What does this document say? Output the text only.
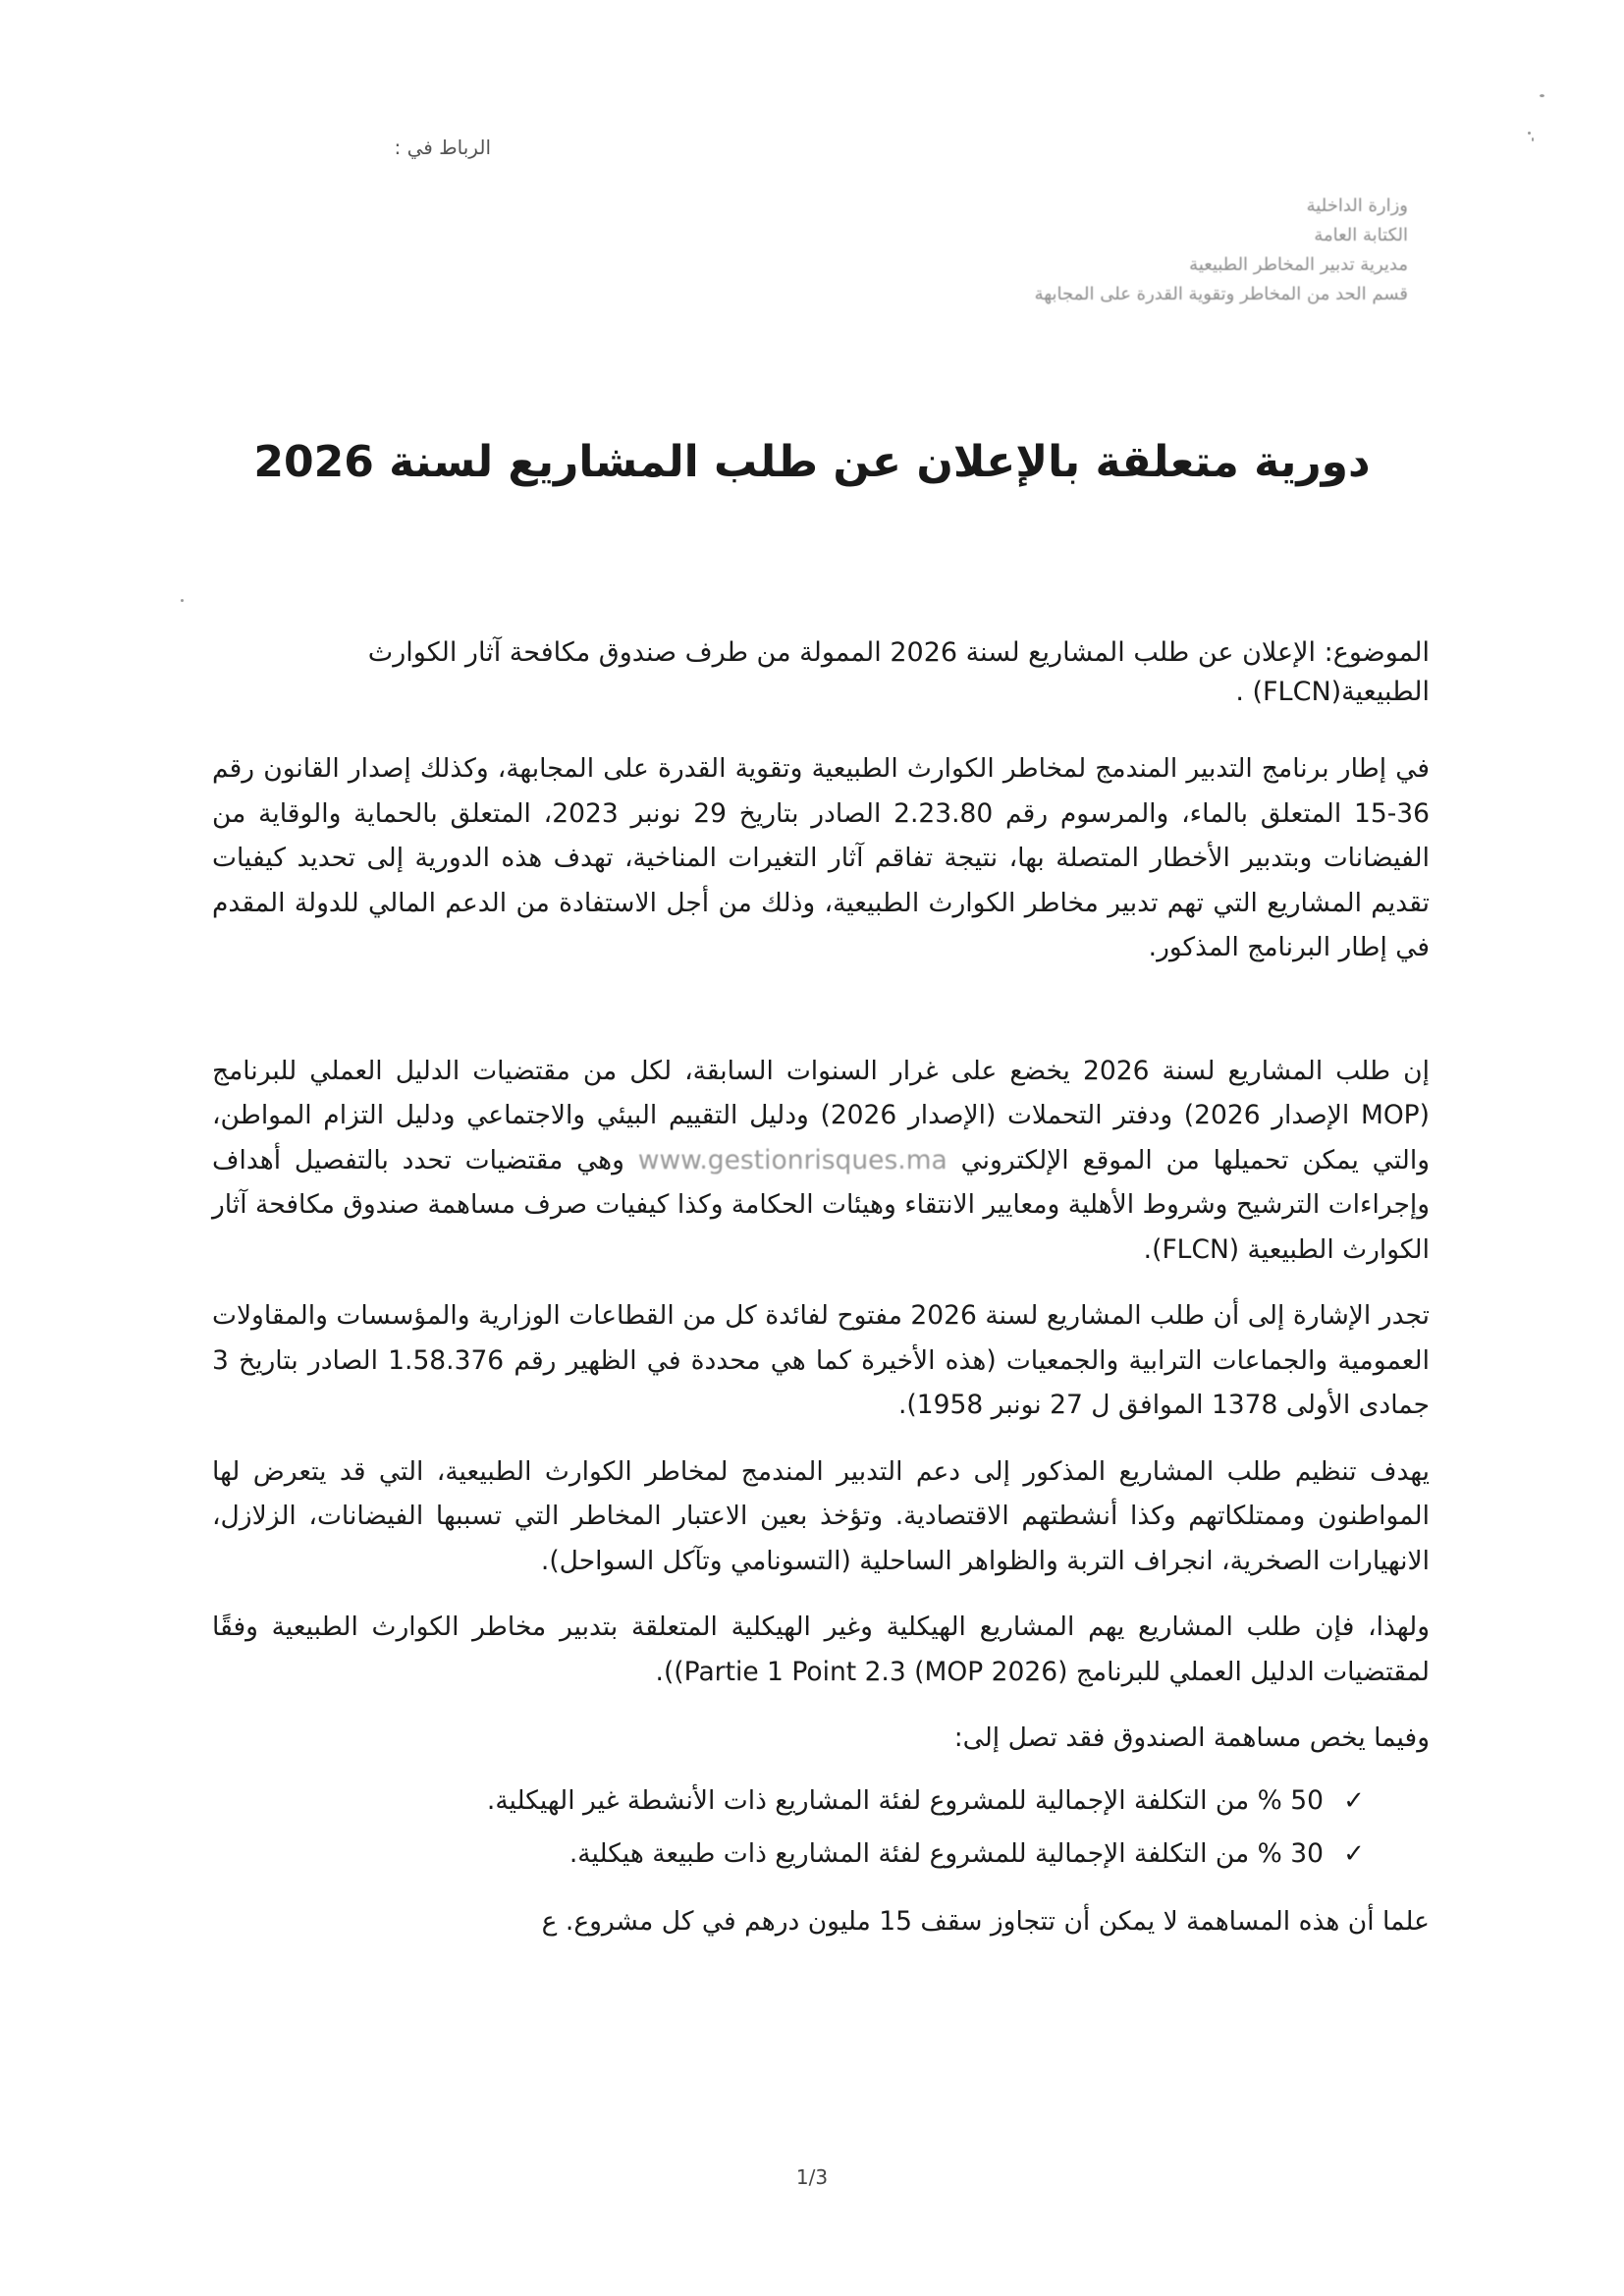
الرباط في :
وزارة الداخلية
الكتابة العامة
مديرية تدبير المخاطر الطبيعية
قسم الحد من المخاطر وتقوية القدرة على المجابهة
دورية متعلقة بالإعلان عن طلب المشاريع لسنة 2026
الموضوع: الإعلان عن طلب المشاريع لسنة 2026 الممولة من طرف صندوق مكافحة آثار الكوارث الطبيعية(FLCN) .

في إطار برنامج التدبير المندمج لمخاطر الكوارث الطبيعية وتقوية القدرة على المجابهة، وكذلك إصدار القانون رقم 36-15 المتعلق بالماء، والمرسوم رقم 2.23.80 الصادر بتاريخ 29 نونبر 2023، المتعلق بالحماية والوقاية من الفيضانات وبتدبير الأخطار المتصلة بها، نتيجة تفاقم آثار التغيرات المناخية، تهدف هذه الدورية إلى تحديد كيفيات تقديم المشاريع التي تهم تدبير مخاطر الكوارث الطبيعية، وذلك من أجل الاستفادة من الدعم المالي للدولة المقدم في إطار البرنامج المذكور.

إن طلب المشاريع لسنة 2026 يخضع على غرار السنوات السابقة، لكل من مقتضيات الدليل العملي للبرنامج (MOP الإصدار 2026) ودفتر التحملات (الإصدار 2026) ودليل التقييم البيئي والاجتماعي ودليل التزام المواطن، والتي يمكن تحميلها من الموقع الإلكتروني www.gestionrisques.ma وهي مقتضيات تحدد بالتفصيل أهداف وإجراءات الترشيح وشروط الأهلية ومعايير الانتقاء وهيئات الحكامة وكذا كيفيات صرف مساهمة صندوق مكافحة آثار الكوارث الطبيعية (FLCN).

تجدر الإشارة إلى أن طلب المشاريع لسنة 2026 مفتوح لفائدة كل من القطاعات الوزارية والمؤسسات والمقاولات العمومية والجماعات الترابية والجمعيات (هذه الأخيرة كما هي محددة في الظهير رقم 1.58.376 الصادر بتاريخ 3 جمادى الأولى 1378 الموافق ل 27 نونبر 1958).

يهدف تنظيم طلب المشاريع المذكور إلى دعم التدبير المندمج لمخاطر الكوارث الطبيعية، التي قد يتعرض لها المواطنون وممتلكاتهم وكذا أنشطتهم الاقتصادية. وتؤخذ بعين الاعتبار المخاطر التي تسببها الفيضانات، الزلازل، الانهيارات الصخرية، انجراف التربة والظواهر الساحلية (التسونامي وتآكل السواحل).

ولهذا، فإن طلب المشاريع يهم المشاريع الهيكلية وغير الهيكلية المتعلقة بتدبير مخاطر الكوارث الطبيعية وفقًا لمقتضيات الدليل العملي للبرنامج (MOP 2026) Partie 1 Point 2.3)).

وفيما يخص مساهمة الصندوق فقد تصل إلى:

✓50 % من التكلفة الإجمالية للمشروع لفئة المشاريع ذات الأنشطة غير الهيكلية.
✓30 % من التكلفة الإجمالية للمشروع لفئة المشاريع ذات طبيعة هيكلية.

علما أن هذه المساهمة لا يمكن أن تتجاوز سقف 15 مليون درهم في كل مشروع. ع

1/3
